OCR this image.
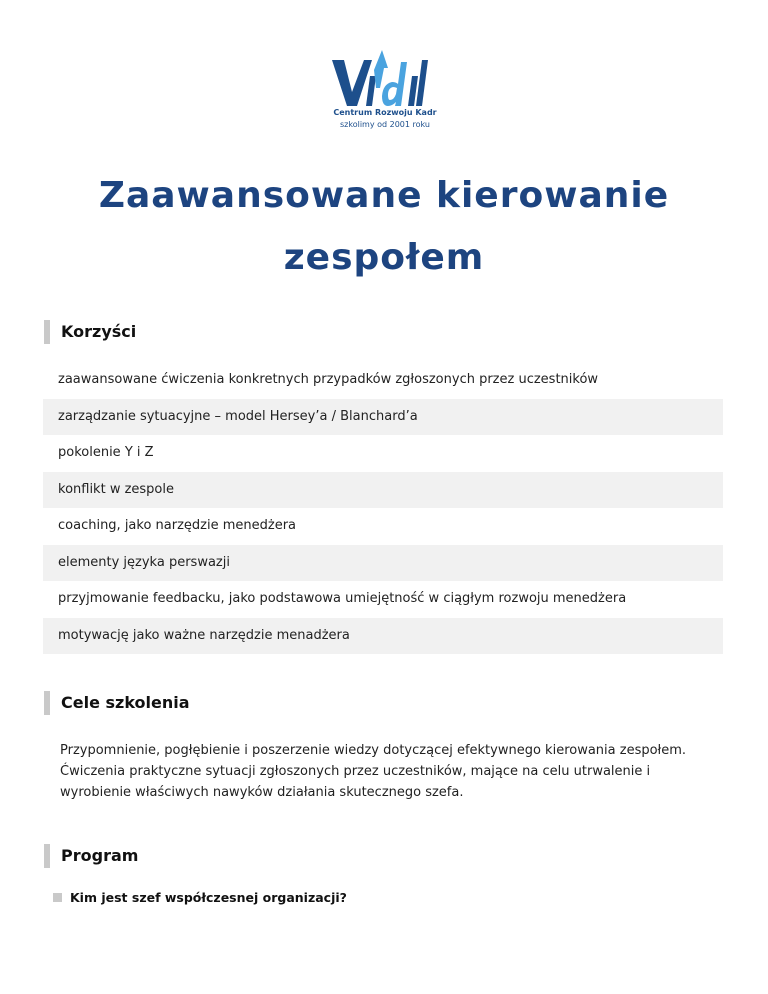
Centrum Rozwoju Kadr
szkolimy od 2001 roku
Zaawansowane kierowanie
zespołem
Korzyści
zaawansowane ćwiczenia konkretnych przypadków zgłoszonych przez uczestników
zarządzanie sytuacyjne – model Hersey’a / Blanchard’a
pokolenie Y i Z
konflikt w zespole
coaching, jako narzędzie menedżera
elementy języka perswazji
przyjmowanie feedbacku, jako podstawowa umiejętność w ciągłym rozwoju menedżera
motywację jako ważne narzędzie menadżera
Cele szkolenia

Przypomnienie, pogłębienie i poszerzenie wiedzy dotyczącej efektywnego kierowania zespołem. Ćwiczenia praktyczne sytuacji zgłoszonych przez uczestników, mające na celu utrwalenie i wyrobienie właściwych nawyków działania skutecznego szefa.

Program
Kim jest szef współczesnej organizacji?
